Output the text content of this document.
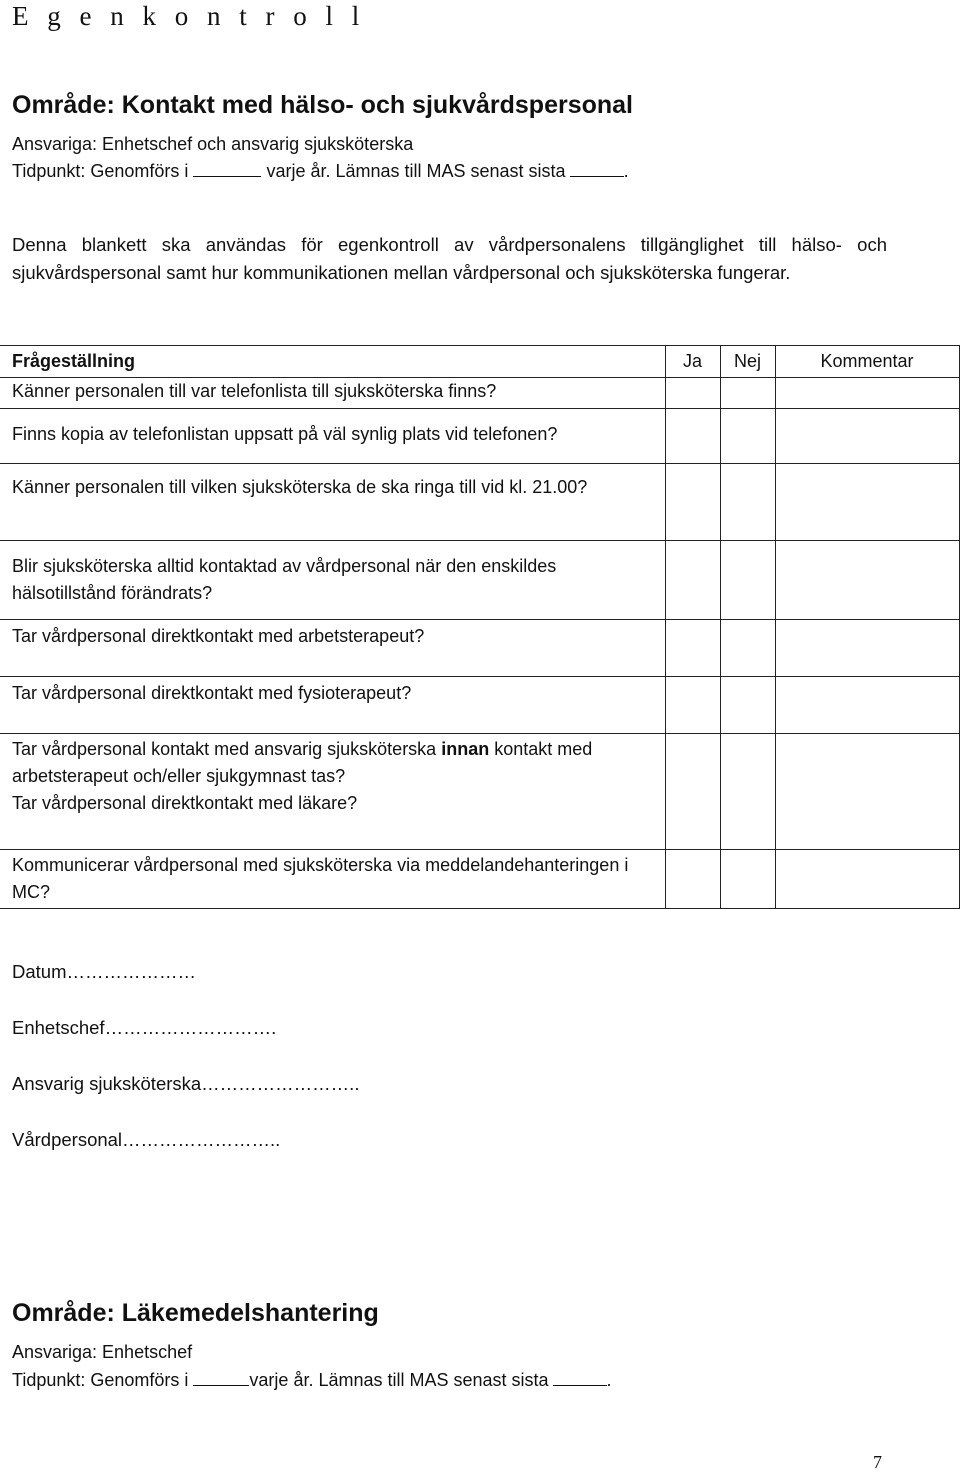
E g e n k o n t r o l l
Område: Kontakt med hälso- och sjukvårdspersonal
Ansvariga: Enhetschef och ansvarig sjuksköterska
Tidpunkt: Genomförs i	varje år. Lämnas till MAS senast sista	.
Denna blankett ska användas för egenkontroll av vårdpersonalens tillgänglighet till hälso- och sjukvårdspersonal samt hur kommunikationen mellan vårdpersonal och sjuksköterska fungerar.
Frågeställning	Ja	Nej	Kommentar
Känner personalen till var telefonlista till sjuksköterska finns?			
Finns kopia av telefonlistan uppsatt på väl synlig plats vid telefonen?			
Känner personalen till vilken sjuksköterska de ska ringa till vid kl. 21.00?			
Blir sjuksköterska alltid kontaktad av vårdpersonal när den enskildes hälsotillstånd förändrats?			
Tar vårdpersonal direktkontakt med arbetsterapeut?			
Tar vårdpersonal direktkontakt med fysioterapeut?			
Tar vårdpersonal kontakt med ansvarig sjuksköterska innan kontakt med arbetsterapeut och/eller sjukgymnast tas?
Tar vårdpersonal direktkontakt med läkare?			
Kommunicerar vårdpersonal med sjuksköterska via meddelandehanteringen i MC?			
Datum…………………
Enhetschef……………………….
Ansvarig sjuksköterska……………………..
Vårdpersonal……………………..
Område: Läkemedelshantering
Ansvariga: Enhetschef
Tidpunkt: Genomförs i	varje år. Lämnas till MAS senast sista	.
7
